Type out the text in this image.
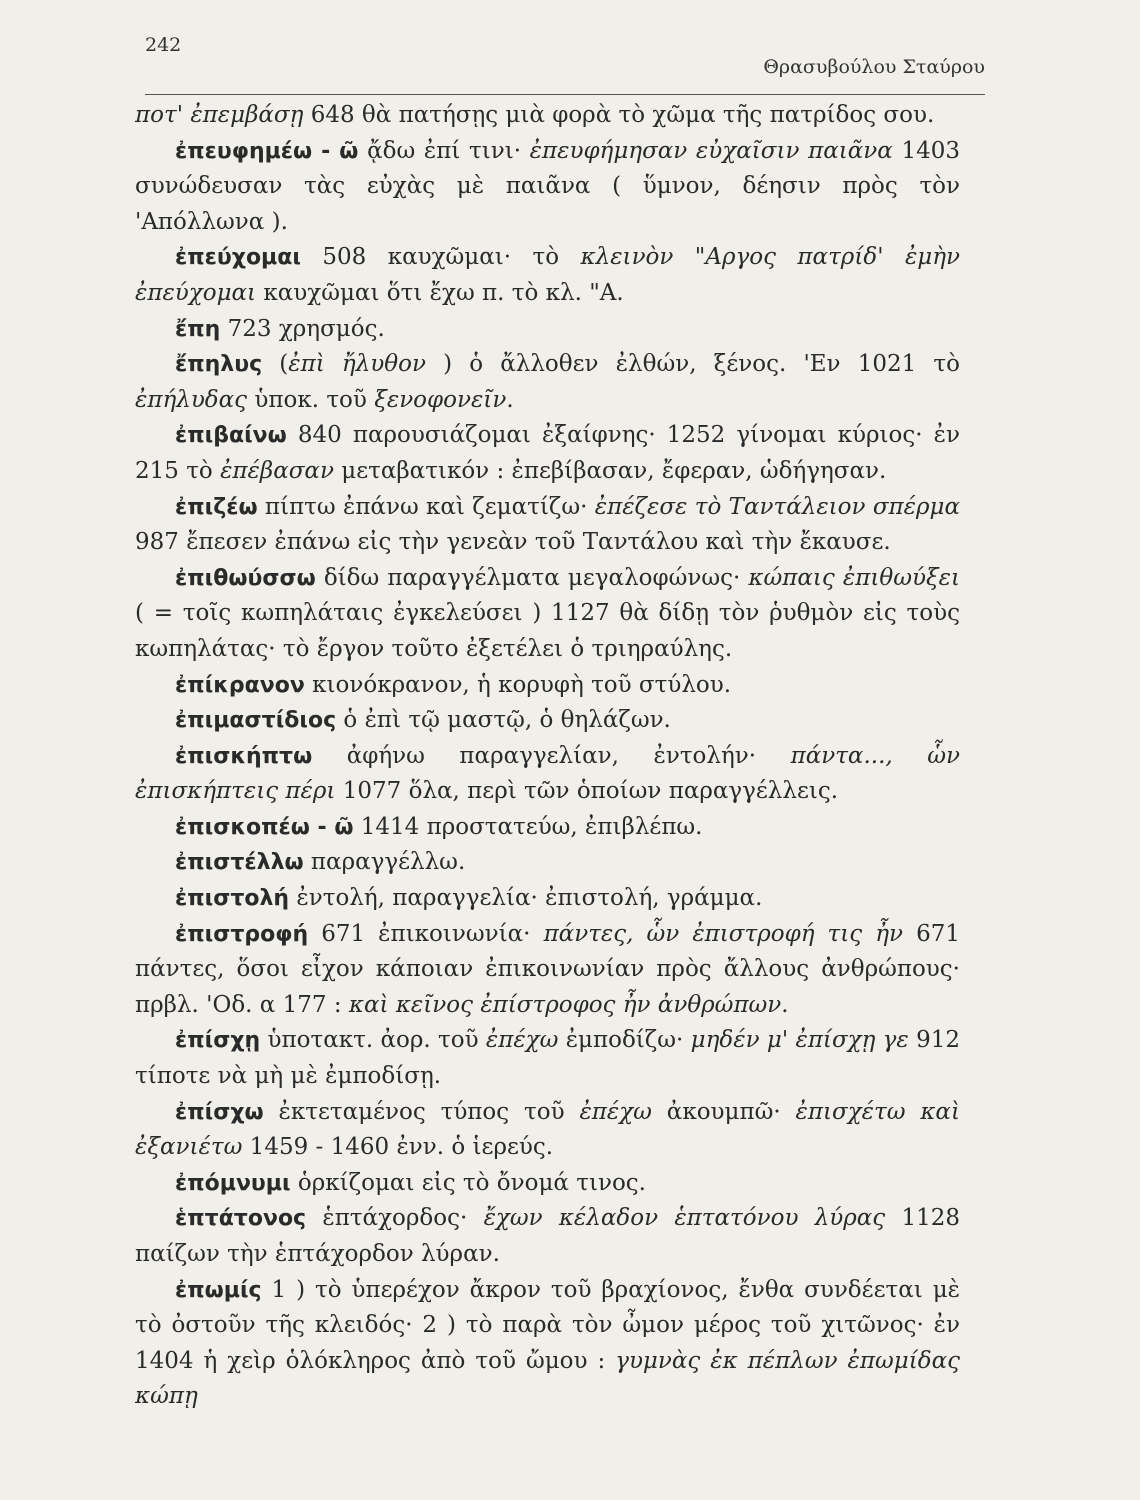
242
Θρασυβούλου Σταύρου

ποτ' ἐπεμβάσῃ 648 θὰ πατήσῃς μιὰ φορὰ τὸ χῶμα τῆς πατρίδος σου.

ἐπευφημέω - ῶ ᾄδω ἐπί τινι· ἐπευφήμησαν εὐχαῖσιν παιᾶνα 1403 συνώδευσαν τὰς εὐχὰς μὲ παιᾶνα ( ὕμνον, δέησιν πρὸς τὸν 'Απόλλωνα ).

ἐπεύχομαι 508 καυχῶμαι· τὸ κλεινὸν "Αργος πατρίδ' ἐμὴν ἐπεύχομαι καυχῶμαι ὅτι ἔχω π. τὸ κλ. "Α.

ἔπη 723 χρησμός.

ἔπηλυς (ἐπὶ ἤλυθον ) ὁ ἄλλοθεν ἐλθών, ξένος. 'Εν 1021 τὸ ἐπήλυδας ὑποκ. τοῦ ξενοφονεῖν.

ἐπιβαίνω 840 παρουσιάζομαι ἐξαίφνης· 1252 γίνομαι κύριος· ἐν 215 τὸ ἐπέβασαν μεταβατικόν : ἐπεβίβασαν, ἔφεραν, ὡδήγησαν.

ἐπιζέω πίπτω ἐπάνω καὶ ζεματίζω· ἐπέζεσε τὸ Ταντάλειον σπέρμα 987 ἔπεσεν ἐπάνω εἰς τὴν γενεὰν τοῦ Ταντάλου καὶ τὴν ἔκαυσε.

ἐπιθωύσσω δίδω παραγγέλματα μεγαλοφώνως· κώπαις ἐπιθωύξει ( = τοῖς κωπηλάταις ἐγκελεύσει ) 1127 θὰ δίδῃ τὸν ῥυθμὸν εἰς τοὺς κωπηλάτας· τὸ ἔργον τοῦτο ἐξετέλει ὁ τριηραύλης.

ἐπίκρανον κιονόκρανον, ἡ κορυφὴ τοῦ στύλου.

ἐπιμαστίδιος ὁ ἐπὶ τῷ μαστῷ, ὁ θηλάζων.

ἐπισκήπτω ἀφήνω παραγγελίαν, ἐντολήν· πάντα..., ὧν ἐπισκήπτεις πέρι 1077 ὅλα, περὶ τῶν ὁποίων παραγγέλλεις.

ἐπισκοπέω - ῶ 1414 προστατεύω, ἐπιβλέπω.

ἐπιστέλλω παραγγέλλω.

ἐπιστολή ἐντολή, παραγγελία· ἐπιστολή, γράμμα.

ἐπιστροφή 671 ἐπικοινωνία· πάντες, ὧν ἐπιστροφή τις ἦν 671 πάντες, ὅσοι εἶχον κάποιαν ἐπικοινωνίαν πρὸς ἄλλους ἀνθρώπους· πρβλ. 'Οδ. α 177 : καὶ κεῖνος ἐπίστροφος ἦν ἀνθρώπων.

ἐπίσχῃ ὑποτακτ. ἀορ. τοῦ ἐπέχω ἐμποδίζω· μηδέν μ' ἐπίσχῃ γε 912 τίποτε νὰ μὴ μὲ ἐμποδίσῃ.

ἐπίσχω ἐκτεταμένος τύπος τοῦ ἐπέχω ἀκουμπῶ· ἐπισχέτω καὶ ἐξανιέτω 1459 - 1460 ἐνν. ὁ ἱερεύς.

ἐπόμνυμι ὁρκίζομαι εἰς τὸ ὄνομά τινος.

ἑπτάτονος ἑπτάχορδος· ἔχων κέλαδον ἑπτατόνου λύρας 1128 παίζων τὴν ἑπτάχορδον λύραν.

ἐπωμίς 1 ) τὸ ὑπερέχον ἄκρον τοῦ βραχίονος, ἔνθα συνδέεται μὲ τὸ ὀστοῦν τῆς κλειδός· 2 ) τὸ παρὰ τὸν ὦμον μέρος τοῦ χιτῶνος· ἐν 1404 ἡ χεὶρ ὁλόκληρος ἀπὸ τοῦ ὤμου : γυμνὰς ἐκ πέπλων ἐπωμίδας κώπῃ
